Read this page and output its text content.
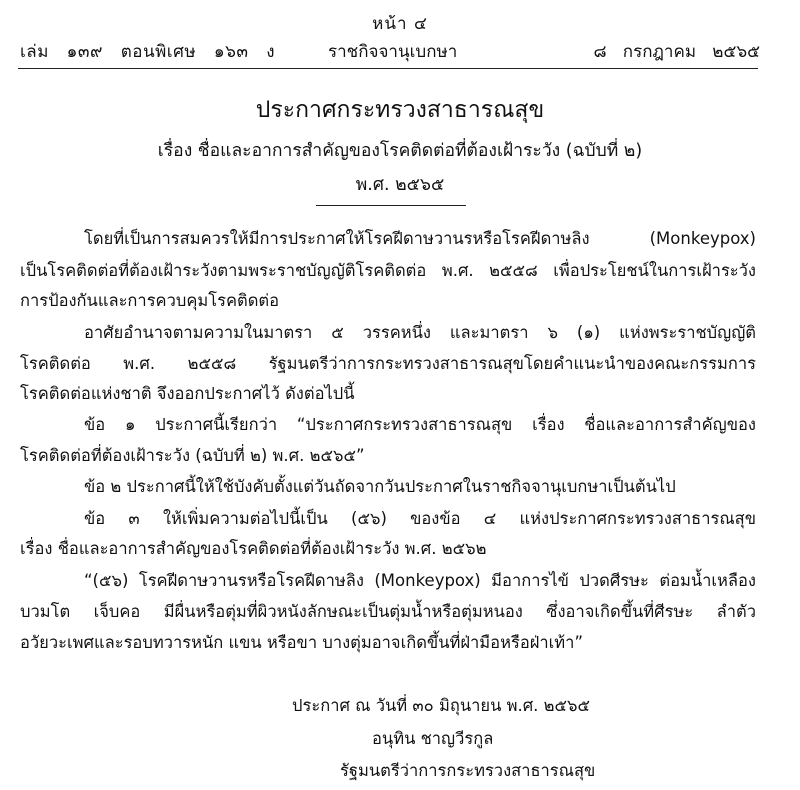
หน้า ๔
เล่ม   ๑๓๙   ตอนพิเศษ   ๑๖๓   ง	ราชกิจจานุเบกษา	๘   กรกฎาคม   ๒๕๖๕
ประกาศกระทรวงสาธารณสุข
เรื่อง ชื่อและอาการสำคัญของโรคติดต่อที่ต้องเฝ้าระวัง (ฉบับที่ ๒)
พ.ศ. ๒๕๖๕
โดยที่เป็นการสมควรให้มีการประกาศให้โรคฝีดาษวานรหรือโรคฝีดาษลิง (Monkeypox)
เป็นโรคติดต่อที่ต้องเฝ้าระวังตามพระราชบัญญัติโรคติดต่อ พ.ศ. ๒๕๕๘ เพื่อประโยชน์ในการเฝ้าระวัง
การป้องกันและการควบคุมโรคติดต่อ
อาศัยอำนาจตามความในมาตรา ๕ วรรคหนึ่ง และมาตรา ๖ (๑) แห่งพระราชบัญญัติ
โรคติดต่อ พ.ศ. ๒๕๕๘ รัฐมนตรีว่าการกระทรวงสาธารณสุขโดยคำแนะนำของคณะกรรมการ
โรคติดต่อแห่งชาติ จึงออกประกาศไว้ ดังต่อไปนี้
ข้อ ๑ ประกาศนี้เรียกว่า “ประกาศกระทรวงสาธารณสุข เรื่อง ชื่อและอาการสำคัญของ
โรคติดต่อที่ต้องเฝ้าระวัง (ฉบับที่ ๒) พ.ศ. ๒๕๖๕”
ข้อ ๒ ประกาศนี้ให้ใช้บังคับตั้งแต่วันถัดจากวันประกาศในราชกิจจานุเบกษาเป็นต้นไป
ข้อ ๓ ให้เพิ่มความต่อไปนี้เป็น (๕๖) ของข้อ ๔ แห่งประกาศกระทรวงสาธารณสุข
เรื่อง ชื่อและอาการสำคัญของโรคติดต่อที่ต้องเฝ้าระวัง พ.ศ. ๒๕๖๒
“(๕๖) โรคฝีดาษวานรหรือโรคฝีดาษลิง (Monkeypox) มีอาการไข้ ปวดศีรษะ ต่อมน้ำเหลือง
บวมโต เจ็บคอ มีผื่นหรือตุ่มที่ผิวหนังลักษณะเป็นตุ่มน้ำหรือตุ่มหนอง ซึ่งอาจเกิดขึ้นที่ศีรษะ ลำตัว
อวัยวะเพศและรอบทวารหนัก แขน หรือขา บางตุ่มอาจเกิดขึ้นที่ฝ่ามือหรือฝ่าเท้า”
ประกาศ ณ วันที่ ๓๐ มิถุนายน พ.ศ. ๒๕๖๕
อนุทิน ชาญวีรกูล
รัฐมนตรีว่าการกระทรวงสาธารณสุข
